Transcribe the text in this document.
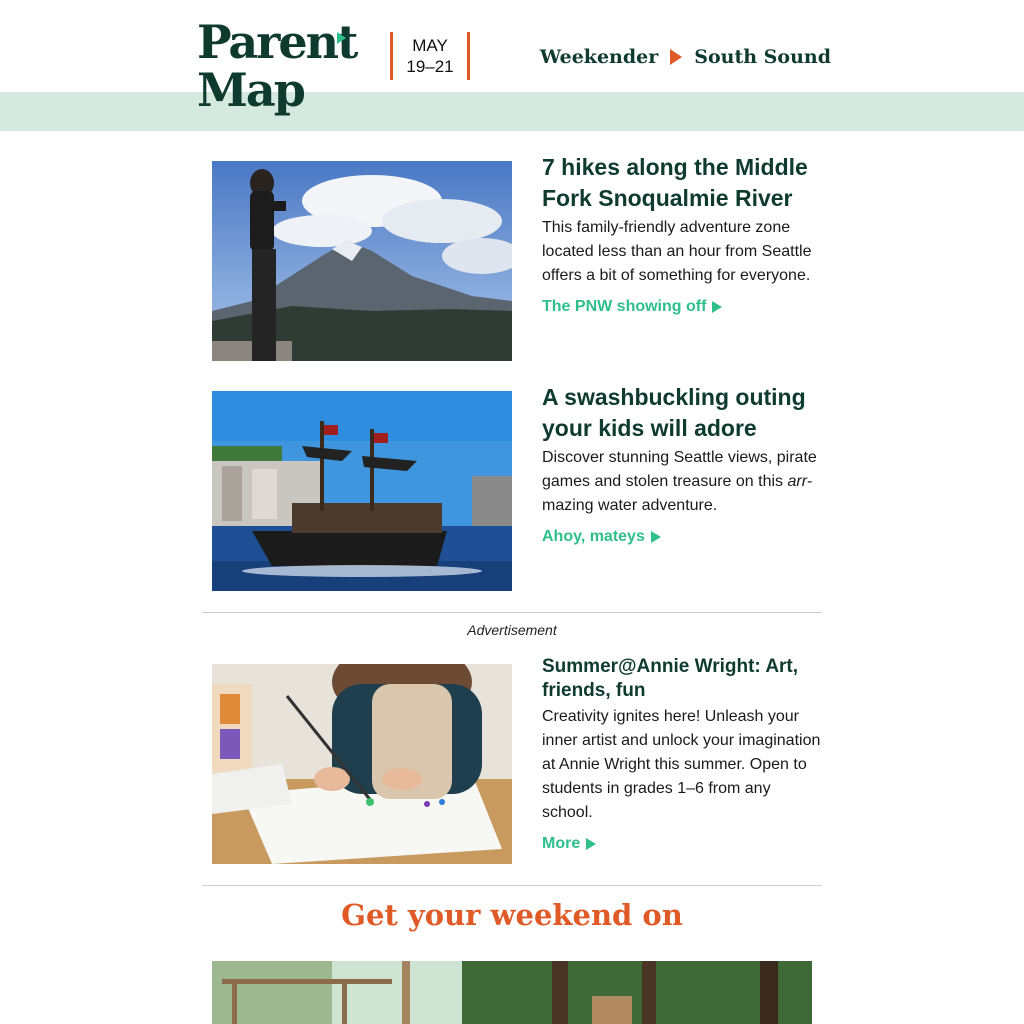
Parent
Map
MAY
19–21	Weekender South Sound
7 hikes along the Middle Fork Snoqualmie River
This family-friendly adventure zone located less than an hour from Seattle offers a bit of something for everyone.
The PNW showing off
A swashbuckling outing your kids will adore
Discover stunning Seattle views, pirate games and stolen treasure on this arr-mazing water adventure.
Ahoy, mateys
Advertisement
Summer@Annie Wright: Art, friends, fun
Creativity ignites here! Unleash your inner artist and unlock your imagination at Annie Wright this summer. Open to students in grades 1–6 from any school.
More
Get your weekend on
